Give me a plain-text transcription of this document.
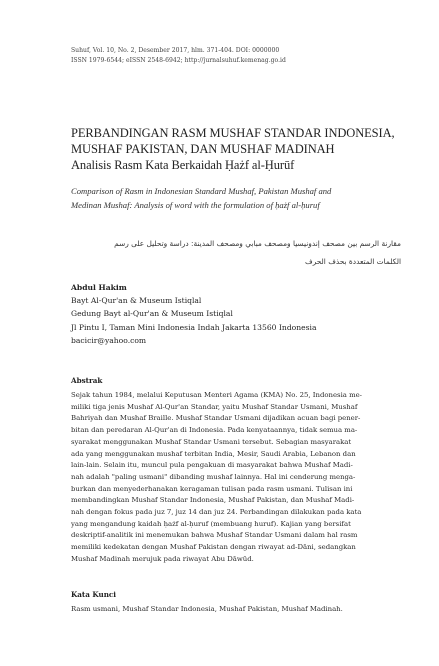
Suhuf, Vol. 10, No. 2, Desember 2017, hlm. 371-404. DOI: 0000000
ISSN 1979-6544; eISSN 2548-6942; http://jurnalsuhuf.kemenag.go.id
PERBANDINGAN RASM MUSHAF STANDAR INDONESIA,
MUSHAF PAKISTAN, DAN MUSHAF MADINAH
Analisis Rasm Kata Berkaidah Ḥażf al-Ḥurūf
Comparison of Rasm in Indonesian Standard Mushaf, Pakistan Mushaf and
Medinan Mushaf: Analysis of word with the formulation of ḥażf al-ḥuruf
مقارنة الرسم بين مصحف إندونيسيا ومصحف مبابي ومصحف المدينة: دراسة وتحليل على رسم
الكلمات المتعددة بحذف الحرف
Abdul Hakim
Bayt Al-Qur'an & Museum Istiqlal
Gedung Bayt al-Qur'an & Museum Istiqlal
Jl Pintu I, Taman Mini Indonesia Indah Jakarta 13560 Indonesia
bacicir@yahoo.com
Abstrak
Sejak tahun 1984, melalui Keputusan Menteri Agama (KMA) No. 25, Indonesia me-
miliki tiga jenis Mushaf Al-Qur'an Standar, yaitu Mushaf Standar Usmani, Mushaf
Bahriyah dan Mushaf Braille. Mushaf Standar Usmani dijadikan acuan bagi pener-
bitan dan peredaran Al-Qur'an di Indonesia. Pada kenyataannya, tidak semua ma-
syarakat menggunakan Mushaf Standar Usmani tersebut. Sebagian masyarakat
ada yang menggunakan mushaf terbitan India, Mesir, Saudi Arabia, Lebanon dan
lain-lain. Selain itu, muncul pula pengakuan di masyarakat bahwa Mushaf Madi-
nah adalah "paling usmani" dibanding mushaf lainnya. Hal ini cenderung menga-
burkan dan menyederhanakan keragaman tulisan pada rasm usmani. Tulisan ini
membandingkan Mushaf Standar Indonesia, Mushaf Pakistan, dan Mushaf Madi-
nah dengan fokus pada juz 7, juz 14 dan juz 24. Perbandingan dilakukan pada kata
yang mengandung kaidah ḥażf al-ḥuruf (membuang huruf). Kajian yang bersifat
deskriptif-analitik ini menemukan bahwa Mushaf Standar Usmani dalam hal rasm
memiliki kedekatan dengan Mushaf Pakistan dengan riwayat ad-Dāni, sedangkan
Mushaf Madinah merujuk pada riwayat Abu Dāwūd.
Kata Kunci
Rasm usmani, Mushaf Standar Indonesia, Mushaf Pakistan, Mushaf Madinah.
